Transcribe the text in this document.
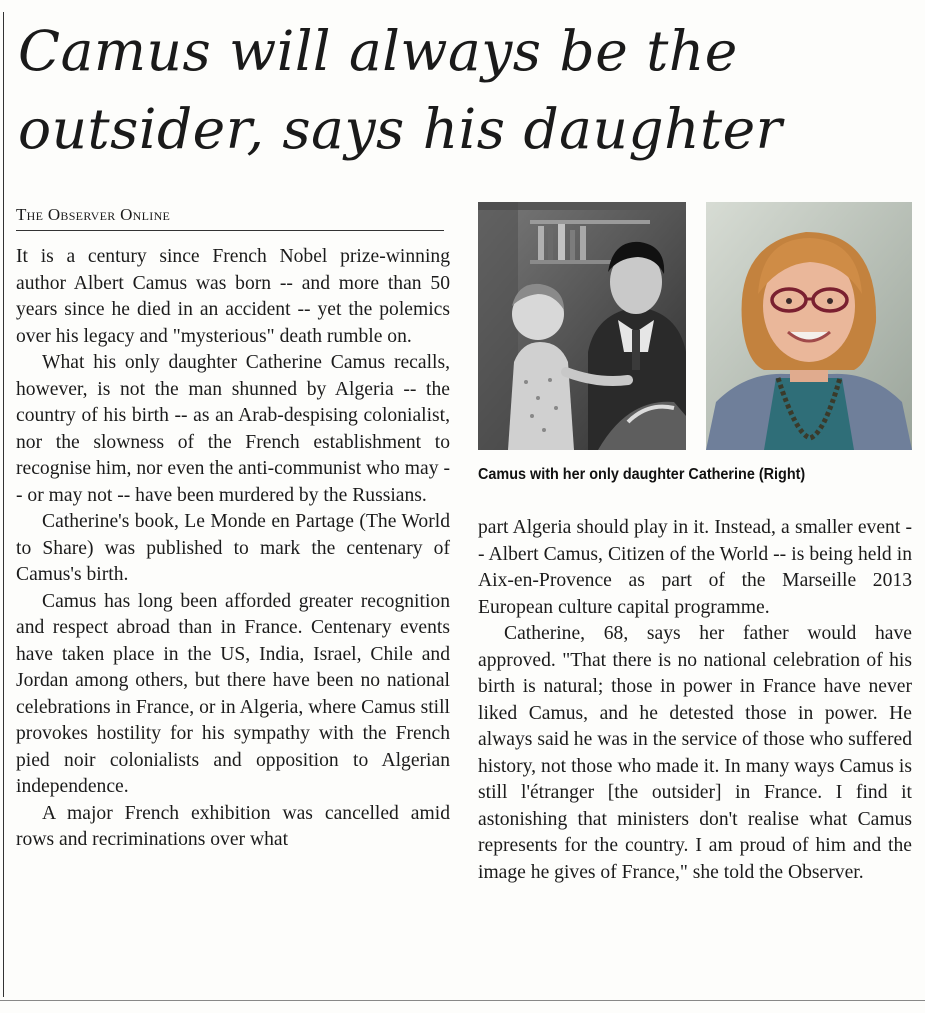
Camus will always be the outsider, says his daughter
The Observer Online

It is a century since French Nobel prize-winning author Albert Camus was born -- and more than 50 years since he died in an accident -- yet the polemics over his legacy and "mysterious" death rumble on.

What his only daughter Catherine Camus recalls, however, is not the man shunned by Algeria -- the country of his birth -- as an Arab-despising colonialist, nor the slowness of the French establishment to recognise him, nor even the anti-communist who may -- or may not -- have been murdered by the Russians.

Catherine's book, Le Monde en Partage (The World to Share) was published to mark the centenary of Camus's birth.

Camus has long been afforded greater recognition and respect abroad than in France. Centenary events have taken place in the US, India, Israel, Chile and Jordan among others, but there have been no national celebrations in France, or in Algeria, where Camus still provokes hostility for his sympathy with the French pied noir colonialists and opposition to Algerian independence.

A major French exhibition was cancelled amid rows and recriminations over what

Camus with her only daughter Catherine (Right)

part Algeria should play in it. Instead, a smaller event -- Albert Camus, Citizen of the World -- is being held in Aix-en-Provence as part of the Marseille 2013 European culture capital programme.

Catherine, 68, says her father would have approved. "That there is no national celebration of his birth is natural; those in power in France have never liked Camus, and he detested those in power. He always said he was in the service of those who suffered history, not those who made it. In many ways Camus is still l'étranger [the outsider] in France. I find it astonishing that ministers don't realise what Camus represents for the country. I am proud of him and the image he gives of France," she told the Observer.
